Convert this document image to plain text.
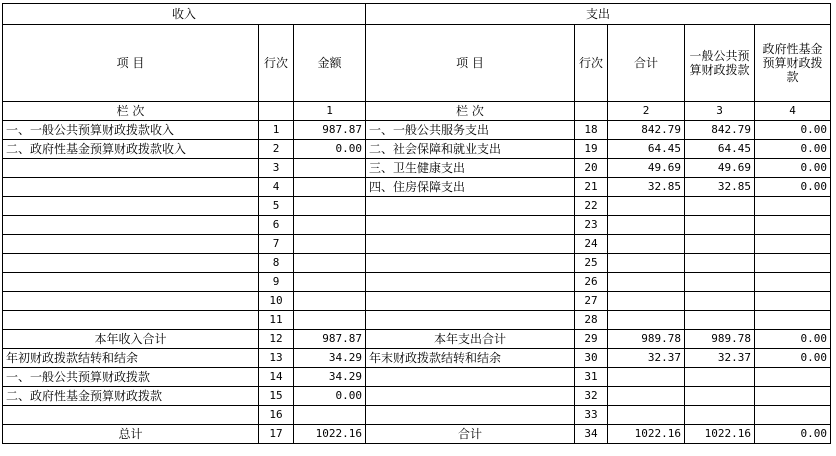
收入			支出				
项 目	行次	金额	项 目	行次	合计	一般公共预算财政拨款	政府性基金预算财政拨款
栏 次		1	栏 次		2	3	4
一、一般公共预算财政拨款收入	1	987.87	一、一般公共服务支出	18	842.79	842.79	0.00
二、政府性基金预算财政拨款收入	2	0.00	二、社会保障和就业支出	19	64.45	64.45	0.00
	3		三、卫生健康支出	20	49.69	49.69	0.00
	4		四、住房保障支出	21	32.85	32.85	0.00
	5			22			
	6			23			
	7			24			
	8			25			
	9			26			
	10			27			
	11			28			
本年收入合计	12	987.87	本年支出合计	29	989.78	989.78	0.00
年初财政拨款结转和结余	13	34.29	年末财政拨款结转和结余	30	32.37	32.37	0.00
一、一般公共预算财政拨款	14	34.29		31			
二、政府性基金预算财政拨款	15	0.00		32			
	16			33			
总计	17	1022.16	合计	34	1022.16	1022.16	0.00
